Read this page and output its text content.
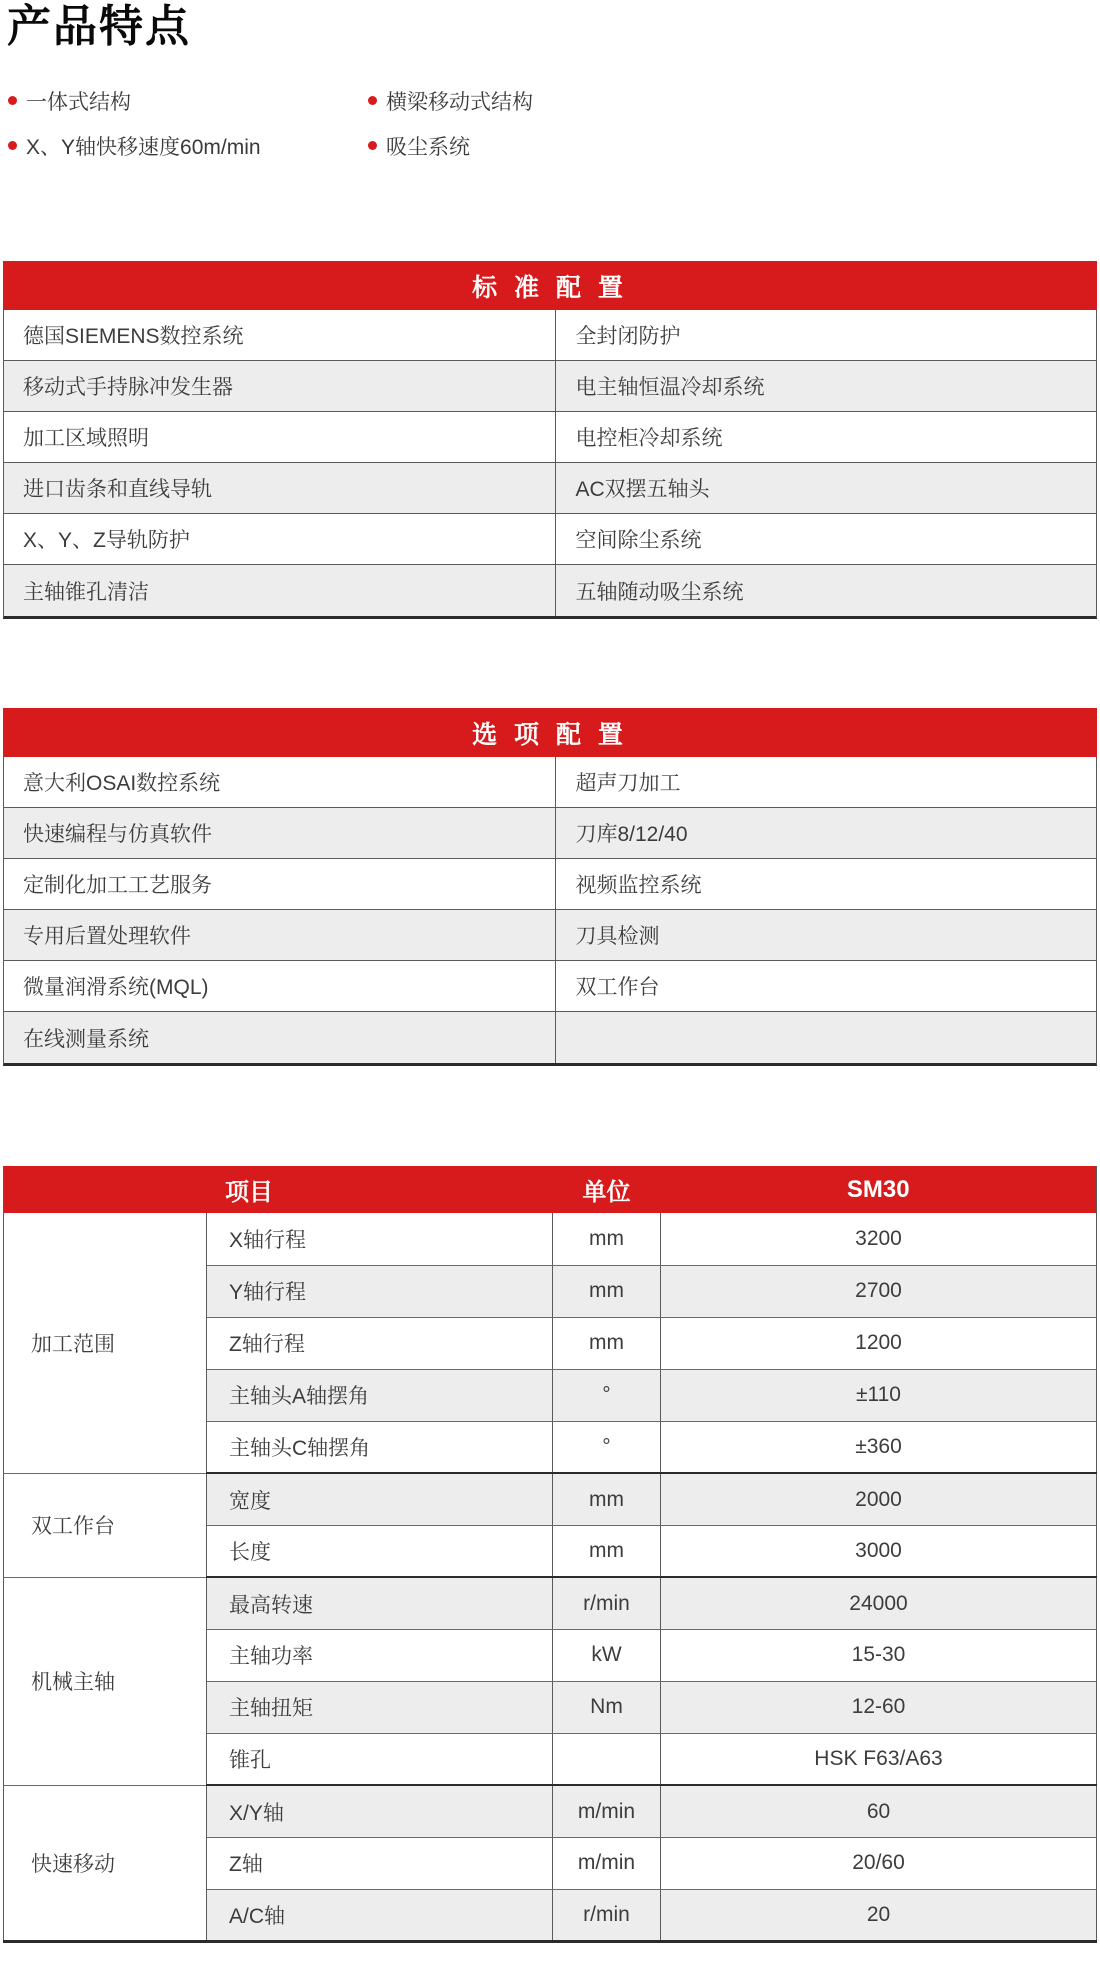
产品特点
一体式结构
X、Y轴快移速度60m/min
横梁移动式结构
吸尘系统
标 准 配 置
德国SIEMENS数控系统	全封闭防护
移动式手持脉冲发生器	电主轴恒温冷却系统
加工区域照明	电控柜冷却系统
进口齿条和直线导轨	AC双摆五轴头
X、Y、Z导轨防护	空间除尘系统
主轴锥孔清洁	五轴随动吸尘系统
选 项 配 置
意大利OSAI数控系统	超声刀加工
快速编程与仿真软件	刀库8/12/40
定制化加工工艺服务	视频监控系统
专用后置处理软件	刀具检测
微量润滑系统(MQL)	双工作台
在线测量系统
项目		单位	SM30
加工范围	X轴行程	mm	3200
	Y轴行程	mm	2700
	Z轴行程	mm	1200
	主轴头A轴摆角	°	±110
	主轴头C轴摆角	°	±360
双工作台	宽度	mm	2000
	长度	mm	3000
机械主轴	最高转速	r/min	24000
	主轴功率	kW	15-30
	主轴扭矩	Nm	12-60
	锥孔		HSK F63/A63
快速移动	X/Y轴	m/min	60
	Z轴	m/min	20/60
	A/C轴	r/min	20
